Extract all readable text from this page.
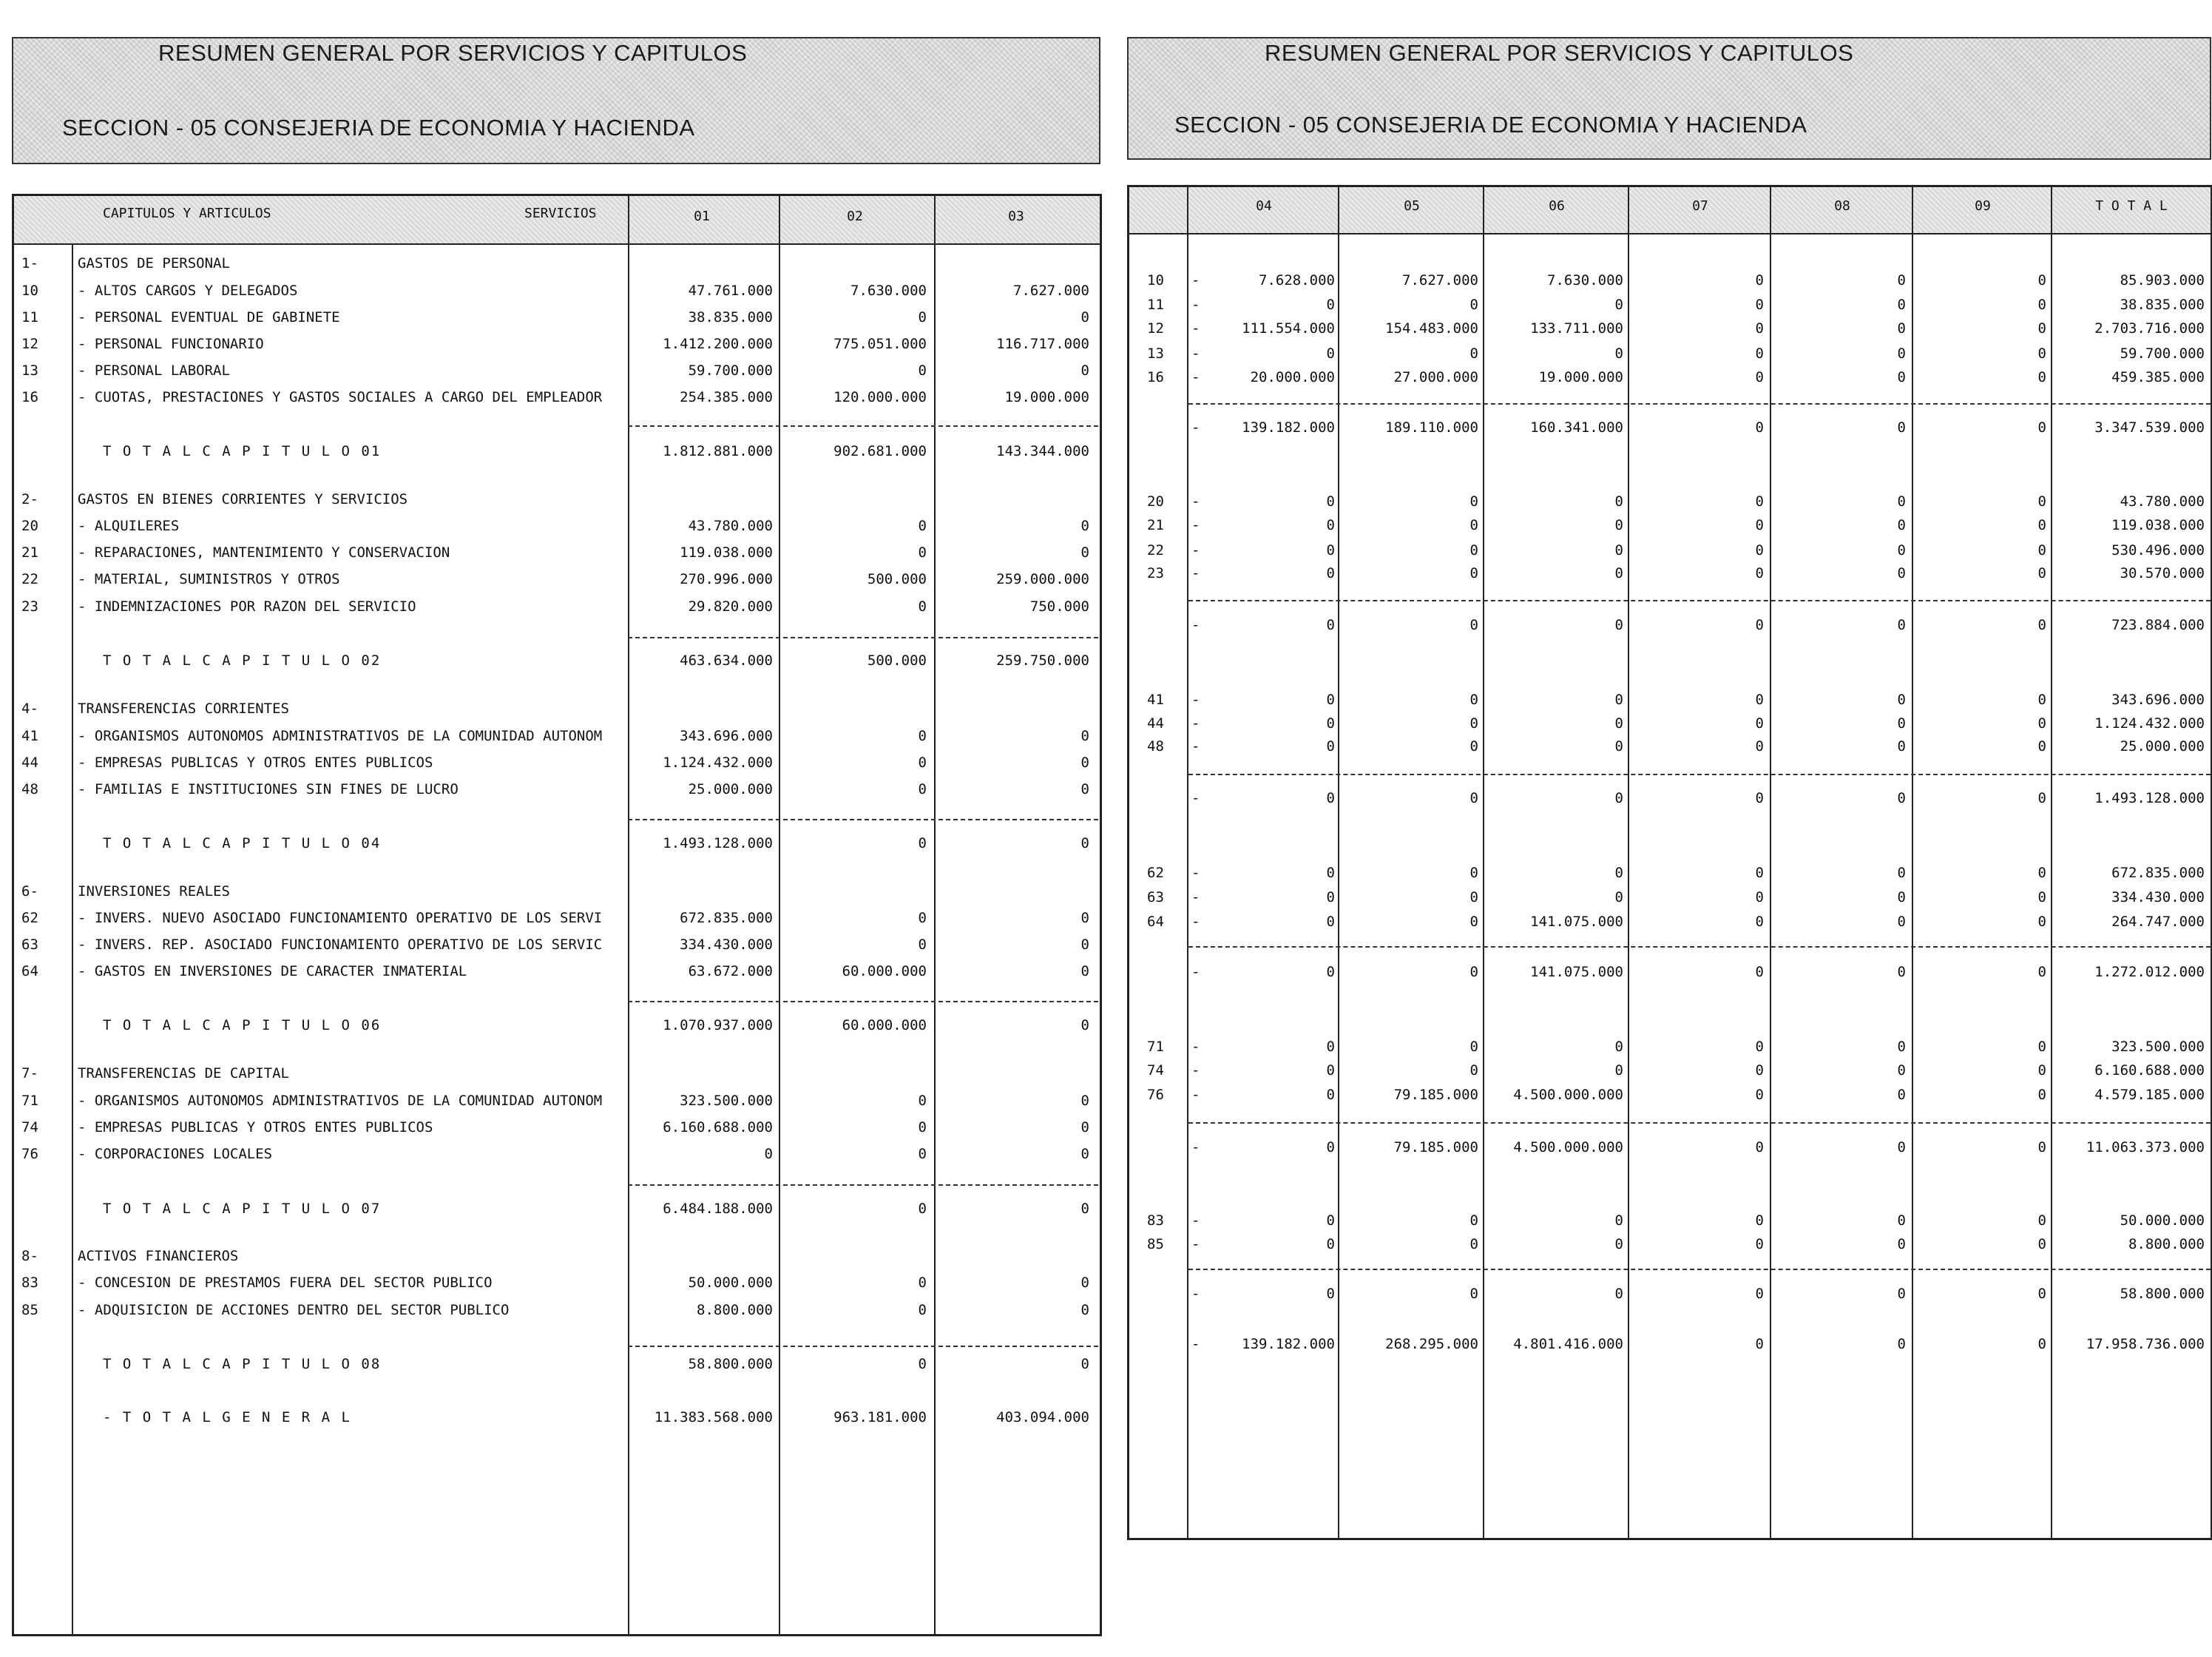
RESUMEN GENERAL POR SERVICIOS Y CAPITULOS
SECCION - 05 CONSEJERIA DE ECONOMIA Y HACIENDA
RESUMEN GENERAL POR SERVICIOS Y CAPITULOS
SECCION - 05 CONSEJERIA DE ECONOMIA Y HACIENDA
CAPITULOS Y ARTICULOS	SERVICIOS	01	02	03
1-	GASTOS DE PERSONAL
10	- ALTOS CARGOS Y DELEGADOS	47.761.000	7.630.000	7.627.000
11	- PERSONAL EVENTUAL DE GABINETE	38.835.000	0	0
12	- PERSONAL FUNCIONARIO	1.412.200.000	775.051.000	116.717.000
13	- PERSONAL LABORAL	59.700.000	0	0
16	- CUOTAS, PRESTACIONES Y GASTOS SOCIALES A CARGO DEL EMPLEADOR	254.385.000	120.000.000	19.000.000
T O T A L C A P I T U L O 01	1.812.881.000	902.681.000	143.344.000
2-	GASTOS EN BIENES CORRIENTES Y SERVICIOS
20	- ALQUILERES	43.780.000	0	0
21	- REPARACIONES, MANTENIMIENTO Y CONSERVACION	119.038.000	0	0
22	- MATERIAL, SUMINISTROS Y OTROS	270.996.000	500.000	259.000.000
23	- INDEMNIZACIONES POR RAZON DEL SERVICIO	29.820.000	0	750.000
T O T A L C A P I T U L O 02	463.634.000	500.000	259.750.000
4-	TRANSFERENCIAS CORRIENTES
41	- ORGANISMOS AUTONOMOS ADMINISTRATIVOS DE LA COMUNIDAD AUTONOM	343.696.000	0	0
44	- EMPRESAS PUBLICAS Y OTROS ENTES PUBLICOS	1.124.432.000	0	0
48	- FAMILIAS E INSTITUCIONES SIN FINES DE LUCRO	25.000.000	0	0
T O T A L C A P I T U L O 04	1.493.128.000	0	0
6-	INVERSIONES REALES
62	- INVERS. NUEVO ASOCIADO FUNCIONAMIENTO OPERATIVO DE LOS SERVI	672.835.000	0	0
63	- INVERS. REP. ASOCIADO FUNCIONAMIENTO OPERATIVO DE LOS SERVIC	334.430.000	0	0
64	- GASTOS EN INVERSIONES DE CARACTER INMATERIAL	63.672.000	60.000.000	0
T O T A L C A P I T U L O 06	1.070.937.000	60.000.000	0
7-	TRANSFERENCIAS DE CAPITAL
71	- ORGANISMOS AUTONOMOS ADMINISTRATIVOS DE LA COMUNIDAD AUTONOM	323.500.000	0	0
74	- EMPRESAS PUBLICAS Y OTROS ENTES PUBLICOS	6.160.688.000	0	0
76	- CORPORACIONES LOCALES	0	0	0
T O T A L C A P I T U L O 07	6.484.188.000	0	0
8-	ACTIVOS FINANCIEROS
83	- CONCESION DE PRESTAMOS FUERA DEL SECTOR PUBLICO	50.000.000	0	0
85	- ADQUISICION DE ACCIONES DENTRO DEL SECTOR PUBLICO	8.800.000	0	0
T O T A L C A P I T U L O 08	58.800.000	0	0
- T O T A L G E N E R A L	11.383.568.000	963.181.000	403.094.000
04	05	06	07	08	09	T O T A L
10 -	7.628.000	7.627.000	7.630.000	0	0	0	85.903.000
11 -	0	0	0	0	0	0	38.835.000
12 -	111.554.000	154.483.000	133.711.000	0	0	0	2.703.716.000
13 -	0	0	0	0	0	0	59.700.000
16 -	20.000.000	27.000.000	19.000.000	0	0	0	459.385.000
-	139.182.000	189.110.000	160.341.000	0	0	0	3.347.539.000
20 -	0	0	0	0	0	0	43.780.000
21 -	0	0	0	0	0	0	119.038.000
22 -	0	0	0	0	0	0	530.496.000
23 -	0	0	0	0	0	0	30.570.000
-	0	0	0	0	0	0	723.884.000
41 -	0	0	0	0	0	0	343.696.000
44 -	0	0	0	0	0	0	1.124.432.000
48 -	0	0	0	0	0	0	25.000.000
-	0	0	0	0	0	0	1.493.128.000
62 -	0	0	0	0	0	0	672.835.000
63 -	0	0	0	0	0	0	334.430.000
64 -	0	0	141.075.000	0	0	0	264.747.000
-	0	0	141.075.000	0	0	0	1.272.012.000
71 -	0	0	0	0	0	0	323.500.000
74 -	0	0	0	0	0	0	6.160.688.000
76 -	0	79.185.000	4.500.000.000	0	0	0	4.579.185.000
-	0	79.185.000	4.500.000.000	0	0	0	11.063.373.000
83 -	0	0	0	0	0	0	50.000.000
85 -	0	0	0	0	0	0	8.800.000
-	0	0	0	0	0	0	58.800.000
-	139.182.000	268.295.000	4.801.416.000	0	0	0	17.958.736.000
